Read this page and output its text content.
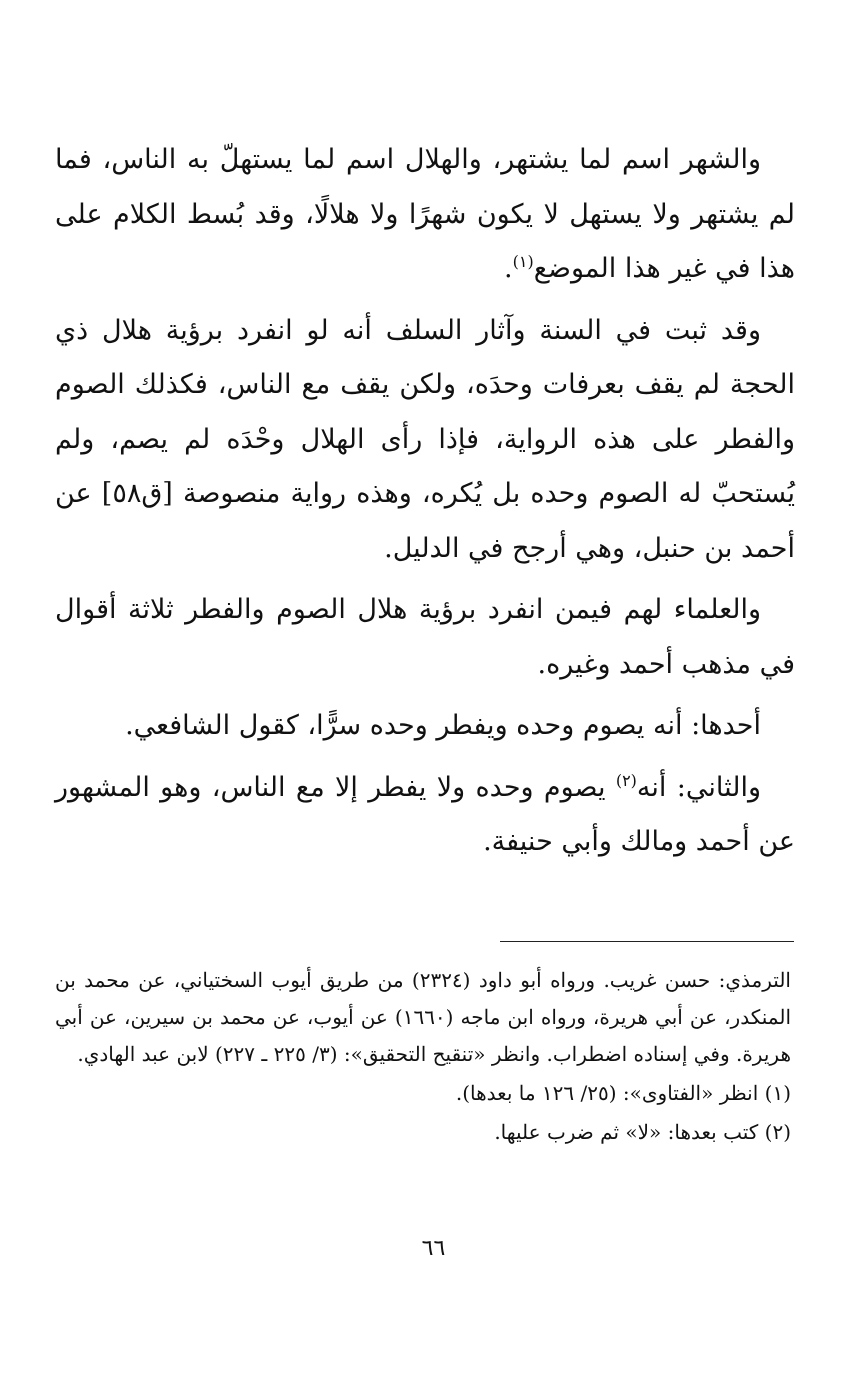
والشهر اسم لما يشتهر، والهلال اسم لما يستهلّ به الناس، فما لم يشتهر ولا يستهل لا يكون شهرًا ولا هلالًا، وقد بُسط الكلام على هذا في غير هذا الموضع$^{(١)}$.

وقد ثبت في السنة وآثار السلف أنه لو انفرد برؤية هلال ذي الحجة لم يقف بعرفات وحدَه، ولكن يقف مع الناس، فكذلك الصوم والفطر على هذه الرواية، فإذا رأى الهلال وحْدَه لم يصم، ولم يُستحبّ له الصوم وحده بل يُكره، وهذه رواية منصوصة [ق٥٨] عن أحمد بن حنبل، وهي أرجح في الدليل.

والعلماء لهم فيمن انفرد برؤية هلال الصوم والفطر ثلاثة أقوال في مذهب أحمد وغيره.

أحدها: أنه يصوم وحده ويفطر وحده سرًّا، كقول الشافعي.

والثاني: أنه$^{(٢)}$ يصوم وحده ولا يفطر إلا مع الناس، وهو المشهور عن أحمد ومالك وأبي حنيفة.

الترمذي: حسن غريب. ورواه أبو داود (٢٣٢٤) من طريق أيوب السختياني، عن محمد بن المنكدر، عن أبي هريرة، ورواه ابن ماجه (١٦٦٠) عن أيوب، عن محمد بن سيرين، عن أبي هريرة. وفي إسناده اضطراب. وانظر «تنقيح التحقيق»: (٣/ ٢٢٥ ـ ٢٢٧) لابن عبد الهادي.

(١) انظر «الفتاوى»: (٢٥/ ١٢٦ ما بعدها).

(٢) كتب بعدها: «لا» ثم ضرب عليها.

٦٦
